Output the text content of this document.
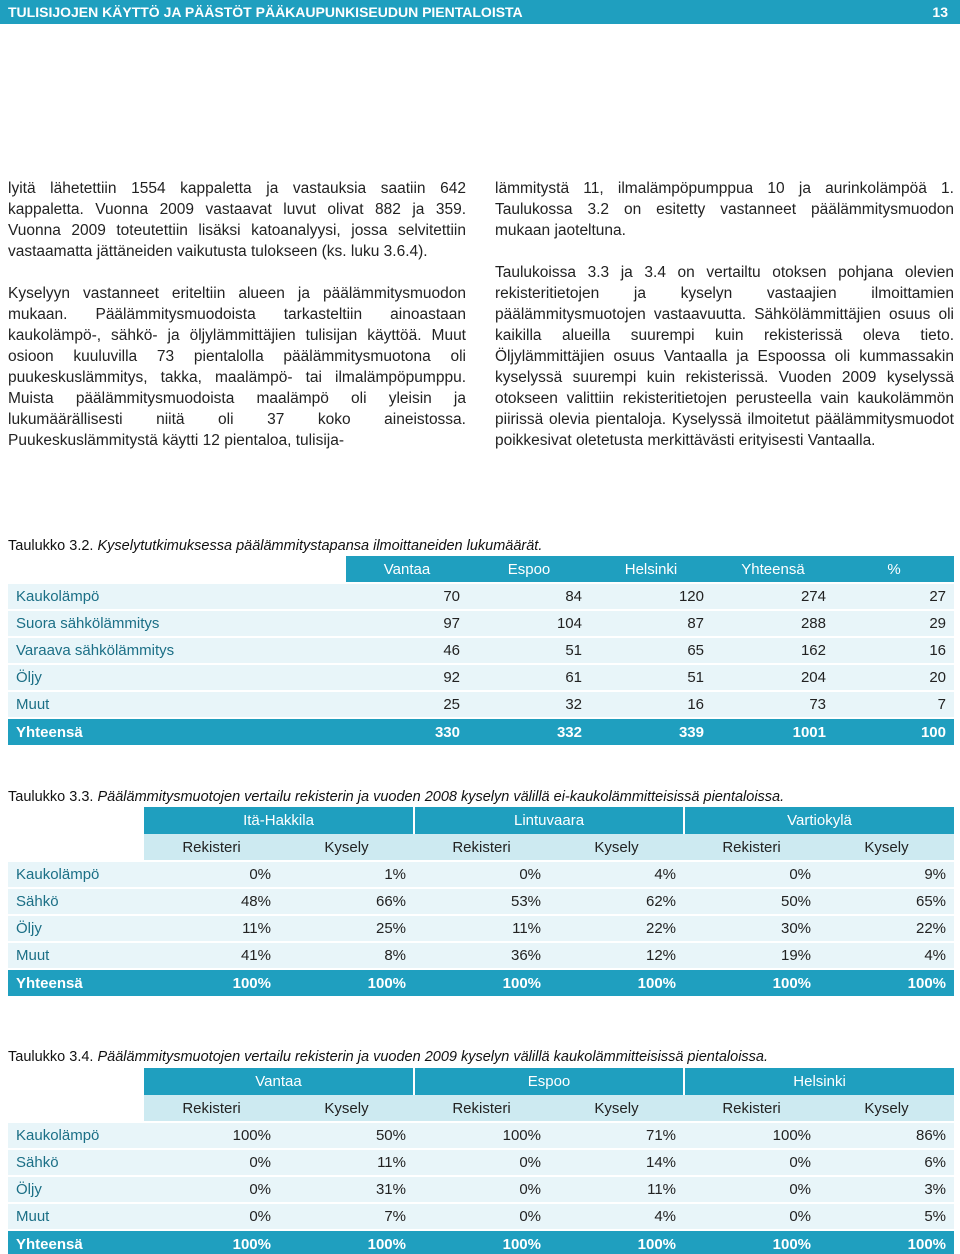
TULISIJOJEN KÄYTTÖ JA PÄÄSTÖT PÄÄKAUPUNKISEUDUN PIENTALOISTA	13

lyitä lähetettiin 1554 kappaletta ja vastauksia saatiin 642 kappaletta. Vuonna 2009 vastaavat luvut olivat 882 ja 359. Vuonna 2009 toteutettiin lisäksi katoanalyysi, jossa selvitettiin vastaamatta jättäneiden vaikutusta tulokseen (ks. luku 3.6.4).

Kyselyyn vastanneet eriteltiin alueen ja päälämmitysmuodon mukaan. Päälämmitysmuodoista tarkasteltiin ainoastaan kaukolämpö-, sähkö- ja öljylämmittäjien tulisijan käyttöä. Muut osioon kuuluvilla 73 pientalolla päälämmitysmuotona oli puukeskuslämmitys, takka, maalämpö- tai ilmalämpöpumppu. Muista päälämmitysmuodoista maalämpö oli yleisin ja lukumäärällisesti niitä oli 37 koko aineistossa. Puukeskuslämmitystä käytti 12 pientaloa, tulisija-

lämmitystä 11, ilmalämpöpumppua 10 ja aurinkolämpöä 1. Taulukossa 3.2 on esitetty vastanneet päälämmitysmuodon mukaan jaoteltuna.

Taulukoissa 3.3 ja 3.4 on vertailtu otoksen pohjana olevien rekisteritietojen ja kyselyn vastaajien ilmoittamien päälämmitysmuotojen vastaavuutta. Sähkölämmittäjien osuus oli kaikilla alueilla suurempi kuin rekisterissä oleva tieto. Öljylämmittäjien osuus Vantaalla ja Espoossa oli kummassakin kyselyssä suurempi kuin rekisterissä. Vuoden 2009 kyselyssä otokseen valittiin rekisteritietojen perusteella vain kaukolämmön piirissä olevia pientaloja. Kyselyssä ilmoitetut päälämmitysmuodot poikkesivat oletetusta merkittävästi erityisesti Vantaalla.

Taulukko 3.2. Kyselytutkimuksessa päälämmitystapansa ilmoittaneiden lukumäärät.
	Vantaa	Espoo	Helsinki	Yhteensä	%
Kaukolämpö	70	84	120	274	27
Suora sähkölämmitys	97	104	87	288	29
Varaava sähkölämmitys	46	51	65	162	16
Öljy	92	61	51	204	20
Muut	25	32	16	73	7
Yhteensä	330	332	339	1001	100
Taulukko 3.3. Päälämmitysmuotojen vertailu rekisterin ja vuoden 2008 kyselyn välillä ei-kaukolämmitteisissä pientaloissa.
	Itä-Hakkila		Lintuvaara		Vartiokylä	
	Rekisteri	Kysely	Rekisteri	Kysely	Rekisteri	Kysely
Kaukolämpö	0%	1%	0%	4%	0%	9%
Sähkö	48%	66%	53%	62%	50%	65%
Öljy	11%	25%	11%	22%	30%	22%
Muut	41%	8%	36%	12%	19%	4%
Yhteensä	100%	100%	100%	100%	100%	100%
Taulukko 3.4. Päälämmitysmuotojen vertailu rekisterin ja vuoden 2009 kyselyn välillä kaukolämmitteisissä pientaloissa.
	Vantaa		Espoo		Helsinki	
	Rekisteri	Kysely	Rekisteri	Kysely	Rekisteri	Kysely
Kaukolämpö	100%	50%	100%	71%	100%	86%
Sähkö	0%	11%	0%	14%	0%	6%
Öljy	0%	31%	0%	11%	0%	3%
Muut	0%	7%	0%	4%	0%	5%
Yhteensä	100%	100%	100%	100%	100%	100%
